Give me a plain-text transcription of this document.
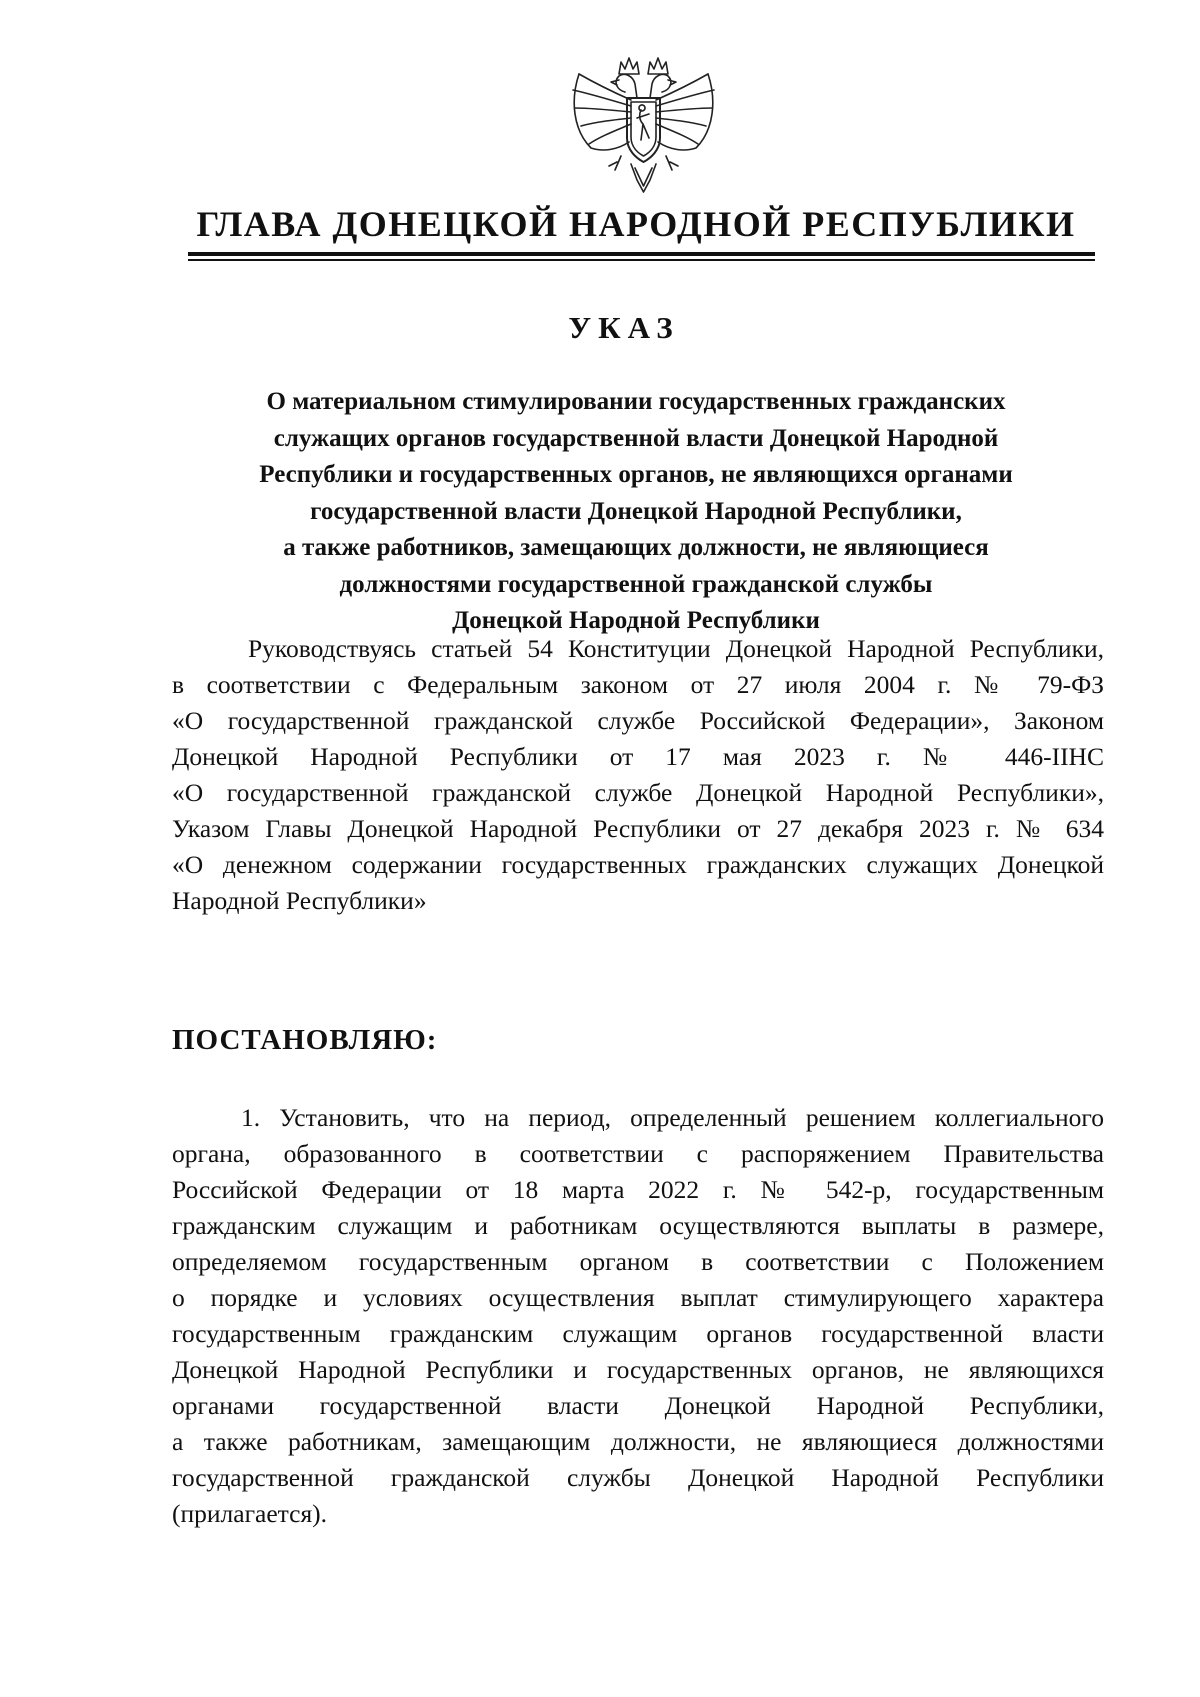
ГЛАВА ДОНЕЦКОЙ НАРОДНОЙ РЕСПУБЛИКИ
УКАЗ
О материальном стимулировании государственных гражданских
служащих органов государственной власти Донецкой Народной
Республики и государственных органов, не являющихся органами
государственной власти Донецкой Народной Республики,
а также работников, замещающих должности, не являющиеся
должностями государственной гражданской службы
Донецкой Народной Республики
Руководствуясь статьей 54 Конституции Донецкой Народной Республики,
в соответствии с Федеральным законом от 27 июля 2004 г. № 79-ФЗ
«О государственной гражданской службе Российской Федерации», Законом
Донецкой Народной Республики от 17 мая 2023 г. № 446-IIНС
«О государственной гражданской службе Донецкой Народной Республики»,
Указом Главы Донецкой Народной Республики от 27 декабря 2023 г. № 634
«О денежном содержании государственных гражданских служащих Донецкой
Народной Республики»
ПОСТАНОВЛЯЮ:
1. Установить, что на период, определенный решением коллегиального
органа, образованного в соответствии с распоряжением Правительства
Российской Федерации от 18 марта 2022 г. № 542-р, государственным
гражданским служащим и работникам осуществляются выплаты в размере,
определяемом государственным органом в соответствии с Положением
о порядке и условиях осуществления выплат стимулирующего характера
государственным гражданским служащим органов государственной власти
Донецкой Народной Республики и государственных органов, не являющихся
органами государственной власти Донецкой Народной Республики,
а также работникам, замещающим должности, не являющиеся должностями
государственной гражданской службы Донецкой Народной Республики
(прилагается).
